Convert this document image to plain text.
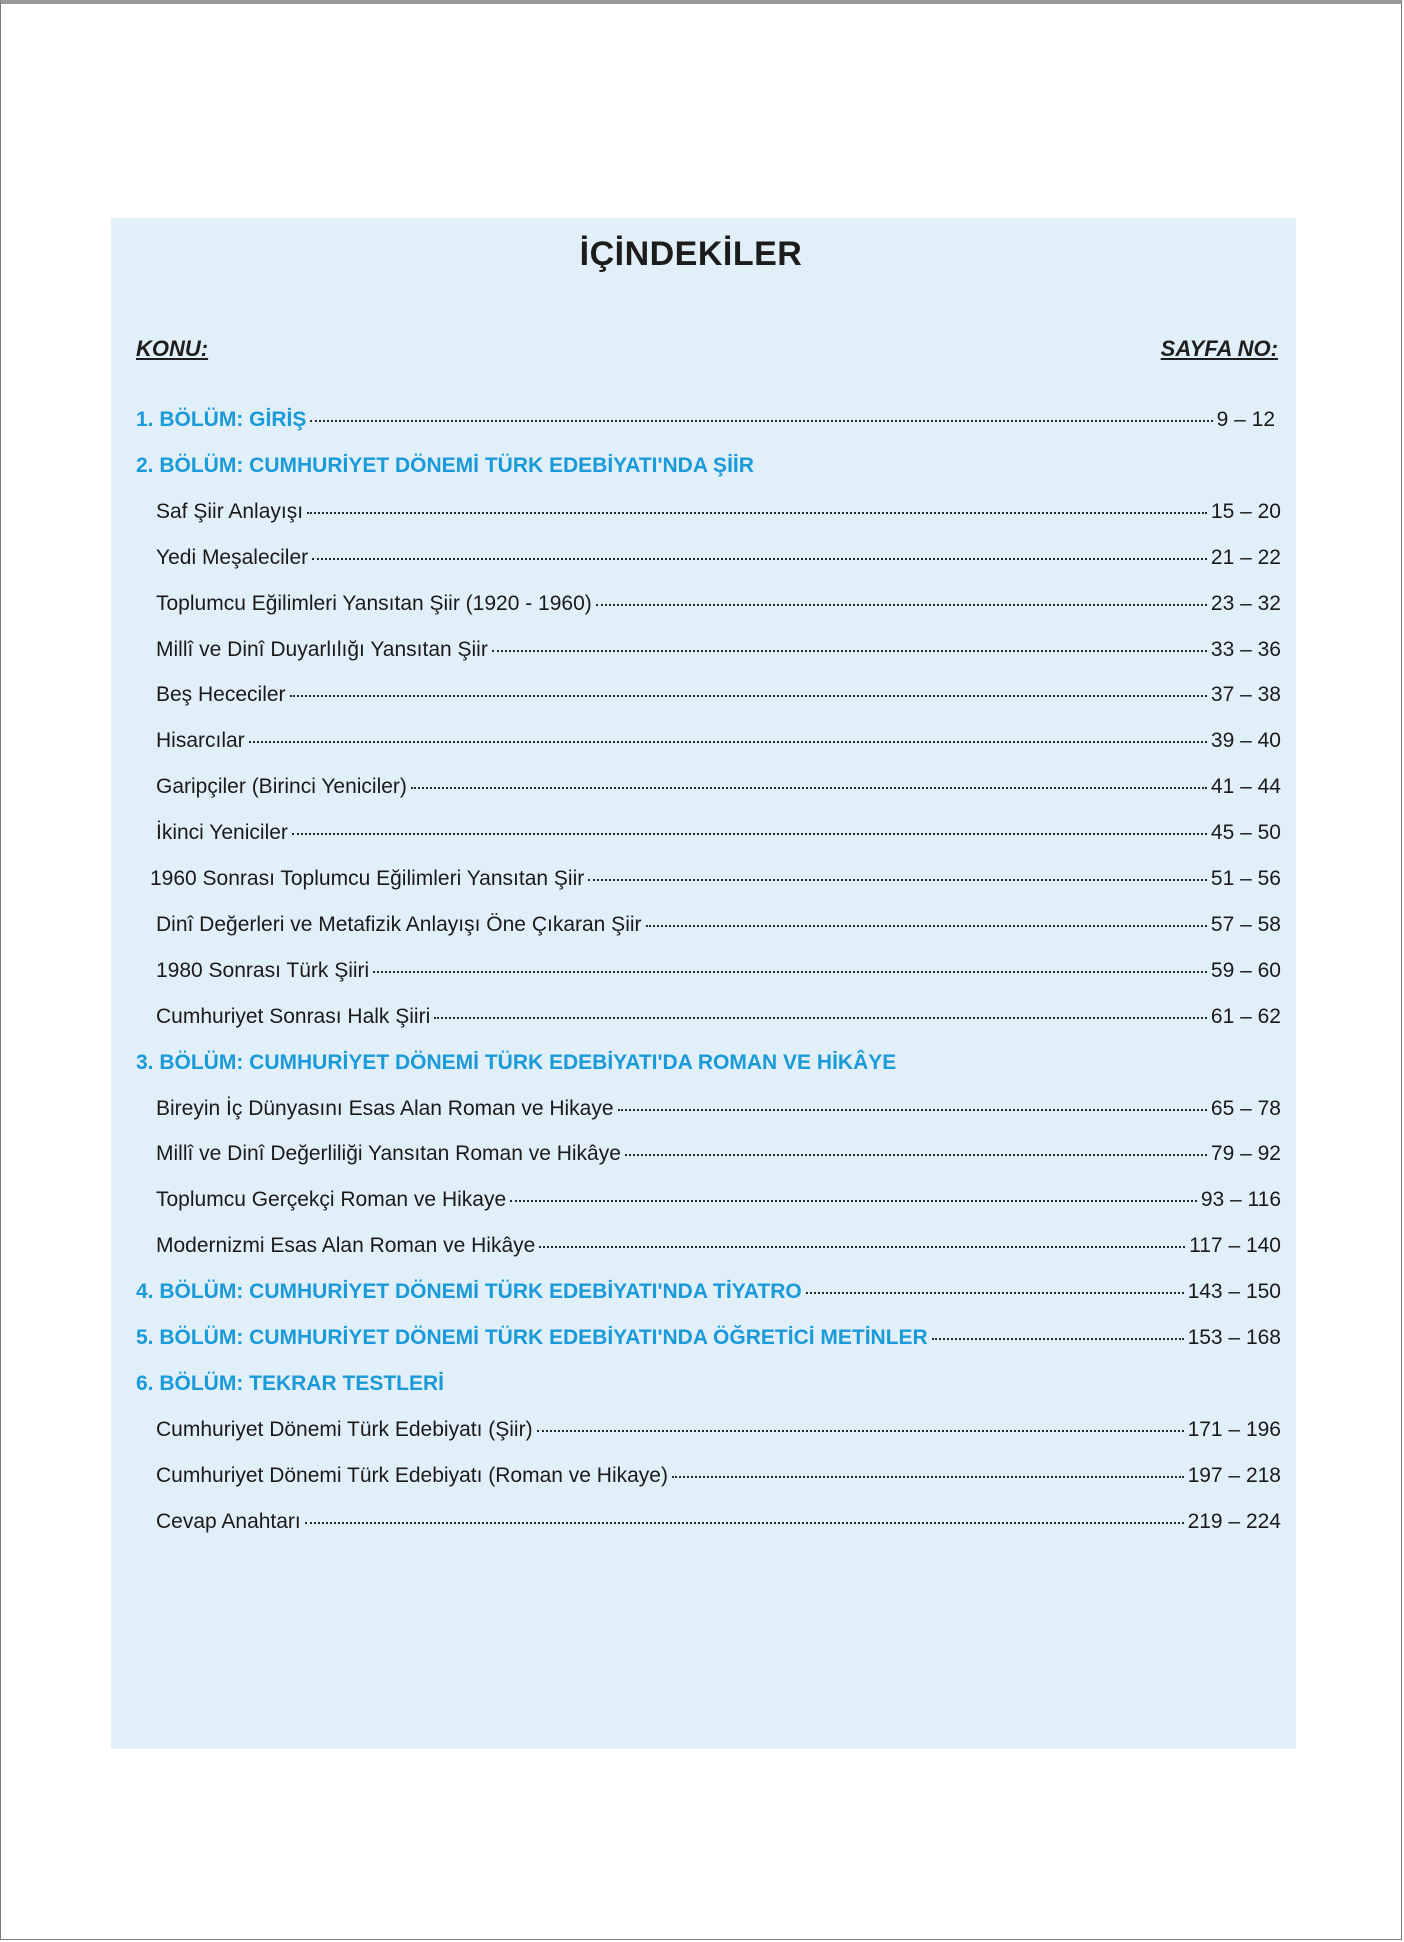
İÇİNDEKİLER
KONU:	SAYFA NO:
1. BÖLÜM: GİRİŞ	9 – 12
2. BÖLÜM: CUMHURİYET DÖNEMİ TÜRK EDEBİYATI'NDA ŞİİR
Saf Şiir Anlayışı	15 – 20
Yedi Meşaleciler	21 – 22
Toplumcu Eğilimleri Yansıtan Şiir (1920 - 1960)	23 – 32
Millî ve Dinî Duyarlılığı Yansıtan Şiir	33 – 36
Beş Hececiler	37 – 38
Hisarcılar	39 – 40
Garipçiler (Birinci Yeniciler)	41 – 44
İkinci Yeniciler	45 – 50
1960 Sonrası Toplumcu Eğilimleri Yansıtan Şiir	51 – 56
Dinî Değerleri ve Metafizik Anlayışı Öne Çıkaran Şiir	57 – 58
1980 Sonrası Türk Şiiri	59 – 60
Cumhuriyet Sonrası Halk Şiiri	61 – 62
3. BÖLÜM: CUMHURİYET DÖNEMİ TÜRK EDEBİYATI'DA ROMAN VE HİKÂYE
Bireyin İç Dünyasını Esas Alan Roman ve Hikaye	65 – 78
Millî ve Dinî Değerliliği Yansıtan Roman ve Hikâye	79 – 92
Toplumcu Gerçekçi Roman ve Hikaye	93 – 116
Modernizmi Esas Alan Roman ve Hikâye	117 – 140
4. BÖLÜM: CUMHURİYET DÖNEMİ TÜRK EDEBİYATI'NDA TİYATRO	143 – 150
5. BÖLÜM: CUMHURİYET DÖNEMİ TÜRK EDEBİYATI'NDA ÖĞRETİCİ METİNLER	153 – 168
6. BÖLÜM: TEKRAR TESTLERİ
Cumhuriyet Dönemi Türk Edebiyatı (Şiir)	171 – 196
Cumhuriyet Dönemi Türk Edebiyatı (Roman ve Hikaye)	197 – 218
Cevap Anahtarı	219 – 224
